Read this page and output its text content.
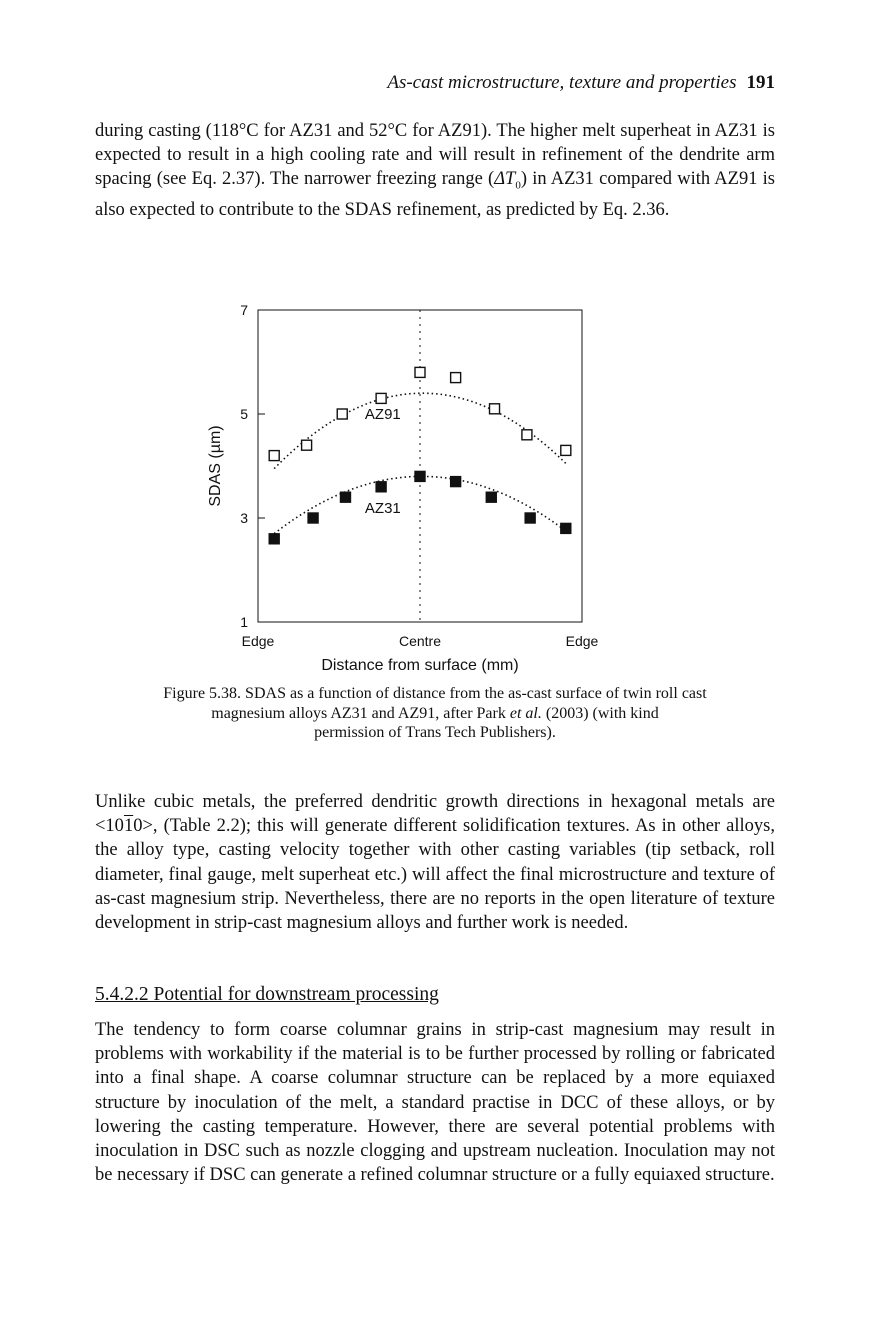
As-cast microstructure, texture and properties 191

during casting (118°C for AZ31 and 52°C for AZ91). The higher melt superheat in AZ31 is expected to result in a high cooling rate and will result in refinement of the dendrite arm spacing (see Eq. 2.37). The narrower freezing range $(\Delta T_0)$ in AZ31 compared with AZ91 is also expected to contribute to the SDAS refinement, as predicted by Eq. 2.36.

1
3
5
7
Edge	Centre	Edge
Distance from surface (mm)
SDAS (µm)
AZ91
AZ31
Figure 5.38. SDAS as a function of distance from the as-cast surface of twin roll cast
magnesium alloys AZ31 and AZ91, after Park et al. (2003) (with kind
permission of Trans Tech Publishers).

Unlike cubic metals, the preferred dendritic growth directions in hexagonal metals are <1010>, (Table 2.2); this will generate different solidification textures. As in other alloys, the alloy type, casting velocity together with other casting variables (tip setback, roll diameter, final gauge, melt superheat etc.) will affect the final microstructure and texture of as-cast magnesium strip. Nevertheless, there are no reports in the open literature of texture development in strip-cast magnesium alloys and further work is needed.

5.4.2.2 Potential for downstream processing

The tendency to form coarse columnar grains in strip-cast magnesium may result in problems with workability if the material is to be further processed by rolling or fabricated into a final shape. A coarse columnar structure can be replaced by a more equiaxed structure by inoculation of the melt, a standard practise in DCC of these alloys, or by lowering the casting temperature. However, there are several potential problems with inoculation in DSC such as nozzle clogging and upstream nucleation. Inoculation may not be necessary if DSC can generate a refined columnar structure or a fully equiaxed structure.
